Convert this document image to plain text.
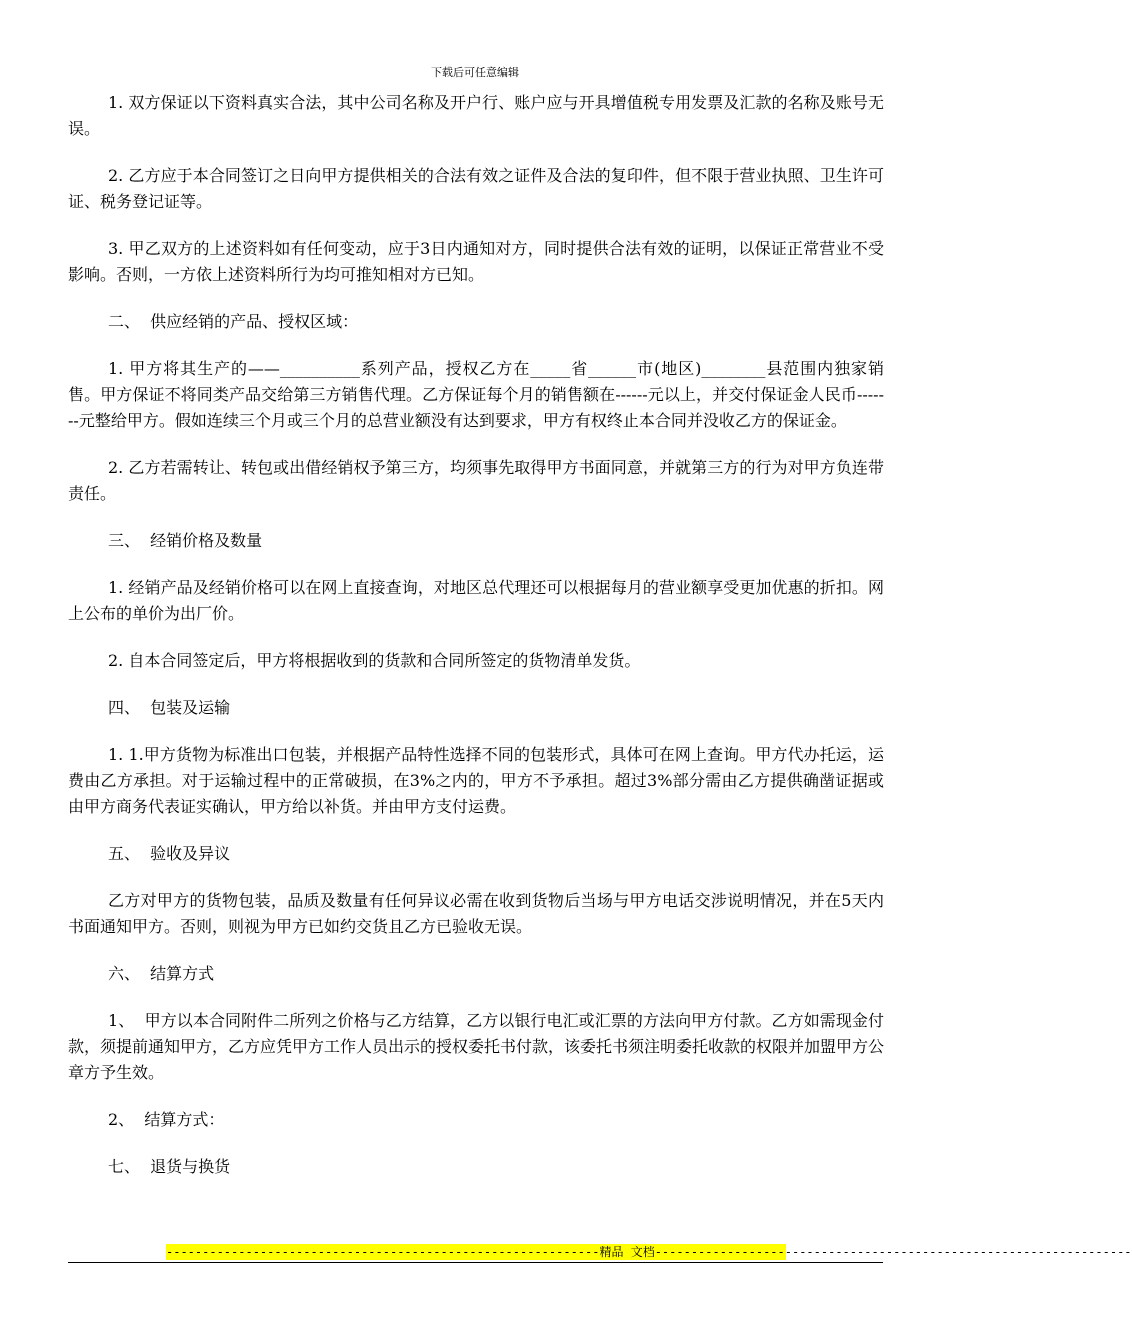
下载后可任意编辑

1. 双方保证以下资料真实合法，其中公司名称及开户行、账户应与开具增值税专用发票及汇款的名称及账号无误。

2. 乙方应于本合同签订之日向甲方提供相关的合法有效之证件及合法的复印件，但不限于营业执照、卫生许可证、税务登记证等。

3. 甲乙双方的上述资料如有任何变动，应于3日内通知对方，同时提供合法有效的证明，以保证正常营业不受影响。否则，一方依上述资料所行为均可推知相对方已知。

二、  供应经销的产品、授权区域：

1. 甲方将其生产的——__________系列产品，授权乙方在_____省______市(地区)________县范围内独家销售。甲方保证不将同类产品交给第三方销售代理。乙方保证每个月的销售额在------元以上，并交付保证金人民币-------元整给甲方。假如连续三个月或三个月的总营业额没有达到要求，甲方有权终止本合同并没收乙方的保证金。

2. 乙方若需转让、转包或出借经销权予第三方，均须事先取得甲方书面同意，并就第三方的行为对甲方负连带责任。

三、  经销价格及数量

1. 经销产品及经销价格可以在网上直接查询，对地区总代理还可以根据每月的营业额享受更加优惠的折扣。网上公布的单价为出厂价。

2. 自本合同签定后，甲方将根据收到的货款和合同所签定的货物清单发货。

四、  包装及运输

1. 1.甲方货物为标准出口包装，并根据产品特性选择不同的包装形式，具体可在网上查询。甲方代办托运，运费由乙方承担。对于运输过程中的正常破损，在3%之内的，甲方不予承担。超过3%部分需由乙方提供确凿证据或由甲方商务代表证实确认，甲方给以补货。并由甲方支付运费。

五、  验收及异议

乙方对甲方的货物包装，品质及数量有任何异议必需在收到货物后当场与甲方电话交涉说明情况，并在5天内书面通知甲方。否则，则视为甲方已如约交货且乙方已验收无误。

六、  结算方式

1、  甲方以本合同附件二所列之价格与乙方结算，乙方以银行电汇或汇票的方法向甲方付款。乙方如需现金付款，须提前通知甲方，乙方应凭甲方工作人员出示的授权委托书付款，该委托书须注明委托收款的权限并加盟甲方公章方予生效。

2、  结算方式：

七、  退货与换货

------------------------------------------------------------精品 文档------------------------------------------------------------------
